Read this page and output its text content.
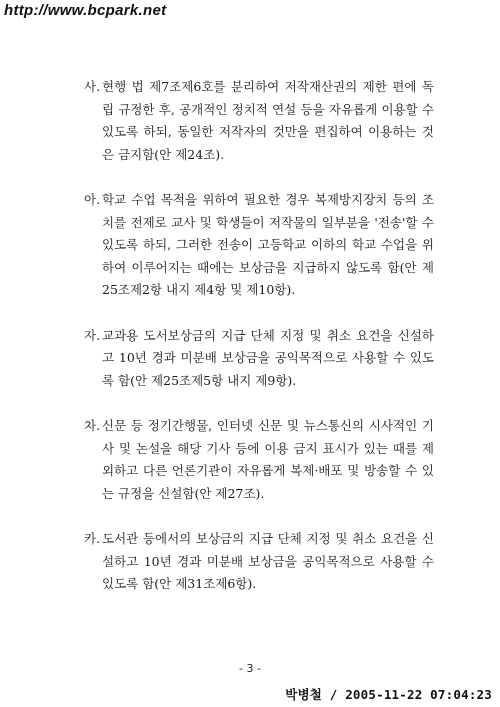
http://www.bcpark.net
사. 현행 법 제7조제6호를 분리하여 저작재산권의 제한 편에 독립 규정한 후, 공개적인 정치적 연설 등을 자유롭게 이용할 수 있도록 하되, 동일한 저작자의 것만을 편집하여 이용하는 것은 금지함(안 제24조).
아. 학교 수업 목적을 위하여 필요한 경우 복제방지장치 등의 조치를 전제로 교사 및 학생들이 저작물의 일부분을 '전송'할 수 있도록 하되, 그러한 전송이 고등학교 이하의 학교 수업을 위하여 이루어지는 때에는 보상금을 지급하지 않도록 함(안 제25조제2항 내지 제4항 및 제10항).
자. 교과용 도서보상금의 지급 단체 지정 및 취소 요건을 신설하고 10년 경과 미분배 보상금을 공익목적으로 사용할 수 있도록 함(안 제25조제5항 내지 제9항).
차. 신문 등 정기간행물, 인터넷 신문 및 뉴스통신의 시사적인 기사 및 논설을 해당 기사 등에 이용 금지 표시가 있는 때를 제외하고 다른 언론기관이 자유롭게 복제·배포 및 방송할 수 있는 규정을 신설함(안 제27조).
카. 도서관 등에서의 보상금의 지급 단체 지정 및 취소 요건을 신설하고 10년 경과 미분배 보상금을 공익목적으로 사용할 수 있도록 함(안 제31조제6항).
- 3 -
박병철 / 2005-11-22 07:04:23
